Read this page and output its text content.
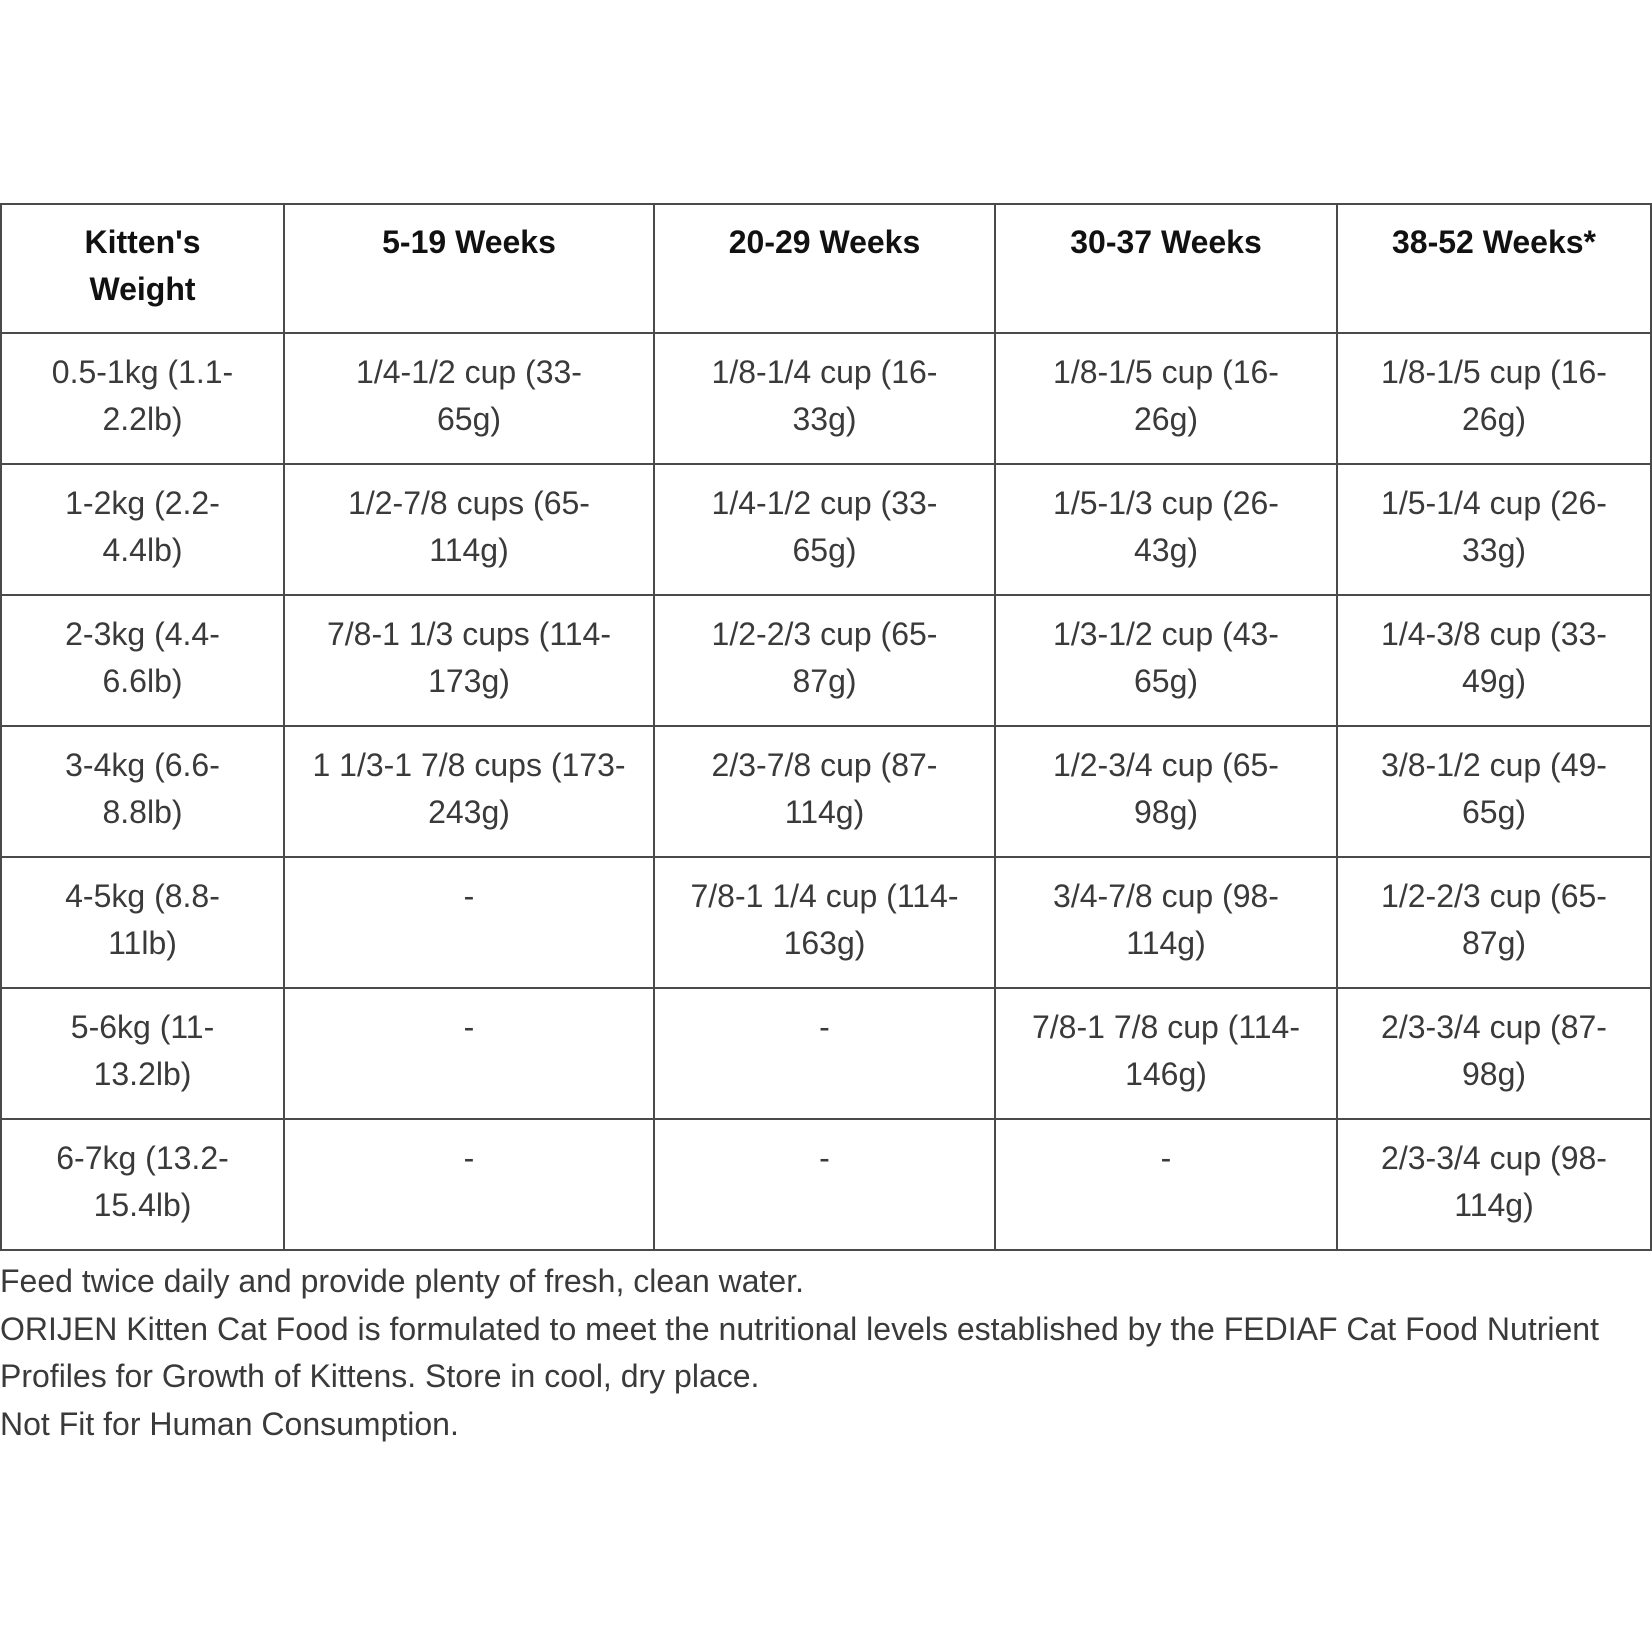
Kitten's Weight	5-19 Weeks	20-29 Weeks	30-37 Weeks	38-52 Weeks*
0.5-1kg (1.1-2.2lb)	1/4-1/2 cup (33-65g)	1/8-1/4 cup (16-33g)	1/8-1/5 cup (16-26g)	1/8-1/5 cup (16-26g)
1-2kg (2.2-4.4lb)	1/2-7/8 cups (65-114g)	1/4-1/2 cup (33-65g)	1/5-1/3 cup (26-43g)	1/5-1/4 cup (26-33g)
2-3kg (4.4-6.6lb)	7/8-1 1/3 cups (114-173g)	1/2-2/3 cup (65-87g)	1/3-1/2 cup (43-65g)	1/4-3/8 cup (33-49g)
3-4kg (6.6-8.8lb)	1 1/3-1 7/8 cups (173-243g)	2/3-7/8 cup (87-114g)	1/2-3/4 cup (65-98g)	3/8-1/2 cup (49-65g)
4-5kg (8.8-11lb)	-	7/8-1 1/4 cup (114-163g)	3/4-7/8 cup (98-114g)	1/2-2/3 cup (65-87g)
5-6kg (11-13.2lb)	-	-	7/8-1 7/8 cup (114-146g)	2/3-3/4 cup (87-98g)
6-7kg (13.2-15.4lb)	-	-	-	2/3-3/4 cup (98-114g)
Feed twice daily and provide plenty of fresh, clean water.
ORIJEN Kitten Cat Food is formulated to meet the nutritional levels established by the FEDIAF Cat Food Nutrient Profiles for Growth of Kittens. Store in cool, dry place.
Not Fit for Human Consumption.
